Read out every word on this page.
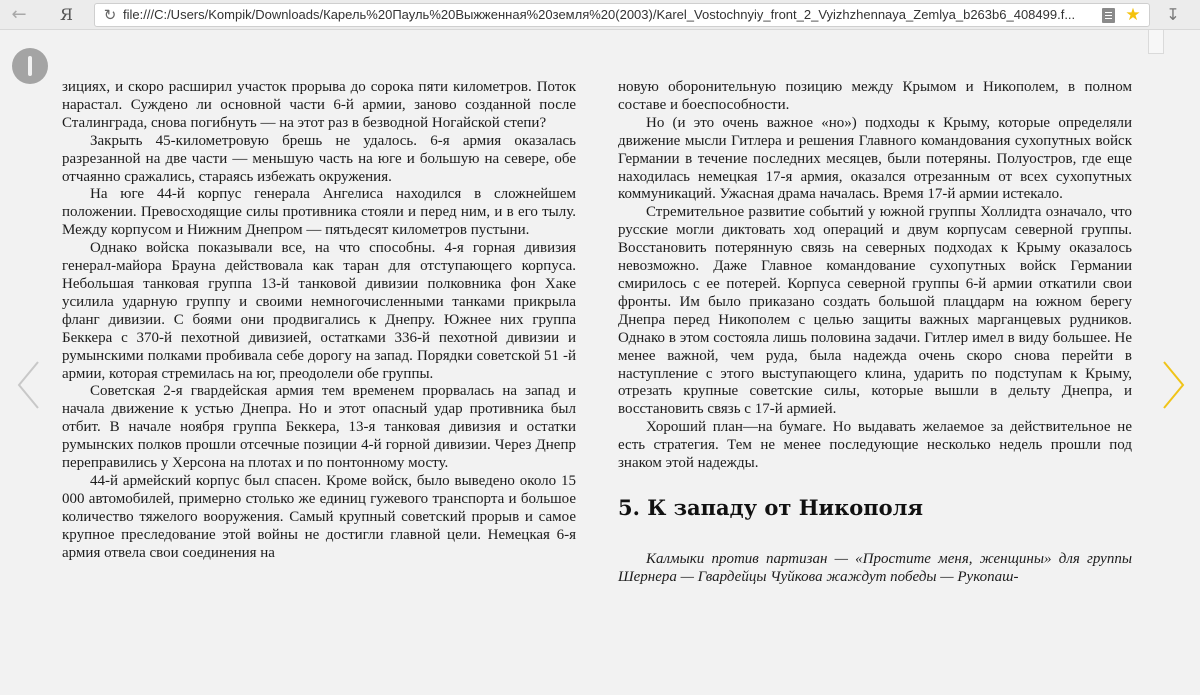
← Я	↻ file:///C:/Users/Kompik/Downloads/Карель%20Пауль%20Выжженная%20земля%20(2003)/Karel_Vostochnyiy_front_2_Vyizhzhennaya_Zemlya_b263b6_408499.f...	★ ↧

зициях, и скоро расширил участок прорыва до сорока пяти километров. Поток нарастал. Суждено ли основной части 6-й армии, заново созданной после Сталинграда, снова погибнуть — на этот раз в безводной Ногайской степи?

Закрыть 45-километровую брешь не удалось. 6-я армия оказалась разрезанной на две части — меньшую часть на юге и большую на севере, обе отчаянно сражались, стараясь избежать окружения.

На юге 44-й корпус генерала Ангелиса находился в сложнейшем положении. Превосходящие силы противника стояли и перед ним, и в его тылу. Между корпусом и Нижним Днепром — пятьдесят километров пустыни.

Однако войска показывали все, на что способны. 4-я горная дивизия генерал-майора Брауна действовала как таран для отступающего корпуса. Небольшая танковая группа 13-й танковой дивизии полковника фон Хаке усилила ударную группу и своими немногочисленными танками прикрыла фланг дивизии. С боями они продвигались к Днепру. Южнее них группа Беккера с 370-й пехотной дивизией, остатками 336-й пехотной дивизии и румынскими полками пробивала себе дорогу на запад. Порядки советской 51 -й армии, которая стремилась на юг, преодолели обе группы.

Советская 2-я гвардейская армия тем временем прорвалась на запад и начала движение к устью Днепра. Но и этот опасный удар противника был отбит. В начале ноября группа Беккера, 13-я танковая дивизия и остатки румынских полков прошли отсечные позиции 4-й горной дивизии. Через Днепр переправились у Херсона на плотах и по понтонному мосту.

44-й армейский корпус был спасен. Кроме войск, было выведено около 15 000 автомобилей, примерно столько же единиц гужевого транспорта и большое количество тяжелого вооружения. Самый крупный советский прорыв и самое крупное преследование этой войны не достигли главной цели. Немецкая 6-я армия отвела свои соединения на

новую оборонительную позицию между Крымом и Никополем, в полном составе и боеспособности.

Но (и это очень важное «но») подходы к Крыму, которые определяли движение мысли Гитлера и решения Главного командования сухопутных войск Германии в течение последних месяцев, были потеряны. Полуостров, где еще находилась немецкая 17-я армия, оказался отрезанным от всех сухопутных коммуникаций. Ужасная драма началась. Время 17-й армии истекало.

Стремительное развитие событий у южной группы Холлидта означало, что русские могли диктовать ход операций и двум корпусам северной группы. Восстановить потерянную связь на северных подходах к Крыму оказалось невозможно. Даже Главное командование сухопутных войск Германии смирилось с ее потерей. Корпуса северной группы 6-й армии откатили свои фронты. Им было приказано создать большой плацдарм на южном берегу Днепра перед Никополем с целью защиты важных марганцевых рудников. Однако в этом состояла лишь половина задачи. Гитлер имел в виду большее. Не менее важной, чем руда, была надежда очень скоро снова перейти в наступление с этого выступающего клина, ударить по подступам к Крыму, отрезать крупные советские силы, которые вышли в дельту Днепра, и восстановить связь с 17-й армией.

Хороший план—на бумаге. Но выдавать желаемое за действительное не есть стратегия. Тем не менее последующие несколько недель прошли под знаком этой надежды.

5. К западу от Никополя

Калмыки против партизан — «Простите меня, женщины» для группы Шернера — Гвардейцы Чуйкова жаждут победы — Рукопаш-
